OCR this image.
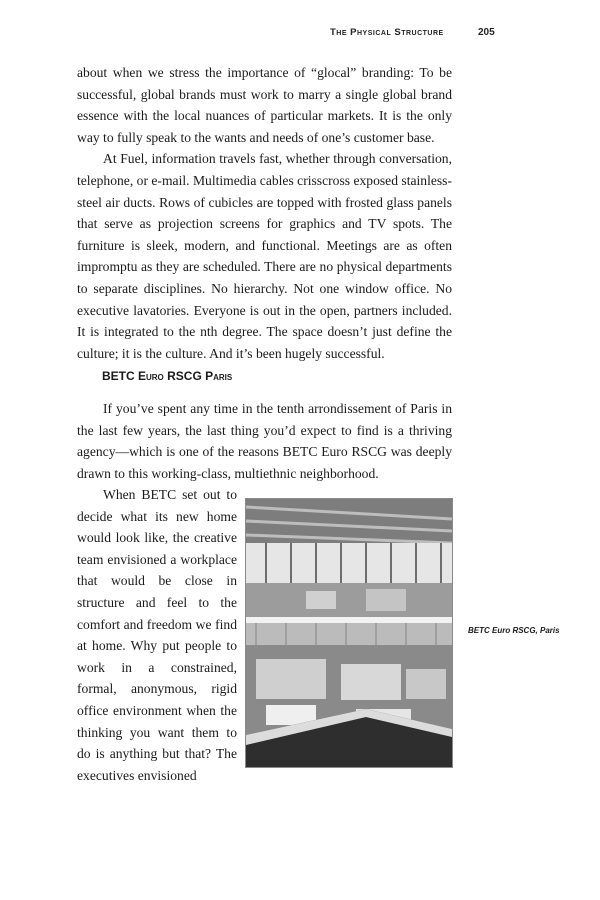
The Physical Structure	205

about when we stress the importance of “glocal” branding: To be successful, global brands must work to marry a single global brand essence with the local nuances of particular markets. It is the only way to fully speak to the wants and needs of one’s customer base.

At Fuel, information travels fast, whether through conversation, telephone, or e-mail. Multimedia cables crisscross exposed stainless-steel air ducts. Rows of cubicles are topped with frosted glass panels that serve as projection screens for graphics and TV spots. The furniture is sleek, modern, and functional. Meetings are as often impromptu as they are scheduled. There are no physical departments to separate disciplines. No hierarchy. Not one window office. No executive lavatories. Everyone is out in the open, partners included. It is integrated to the nth degree. The space doesn’t just define the culture; it is the culture. And it’s been hugely successful.

BETC Euro RSCG Paris

If you’ve spent any time in the tenth arrondissement of Paris in the last few years, the last thing you’d expect to find is a thriving agency—which is one of the reasons BETC Euro RSCG was deeply drawn to this working-class, multiethnic neighborhood.

When BETC set out to decide what its new home would look like, the creative team envisioned a workplace that would be close in structure and feel to the comfort and freedom we find at home. Why put people to work in a constrained, formal, anonymous, rigid office environment when the thinking you want them to do is anything but that? The executives envisioned

BETC Euro RSCG, Paris
